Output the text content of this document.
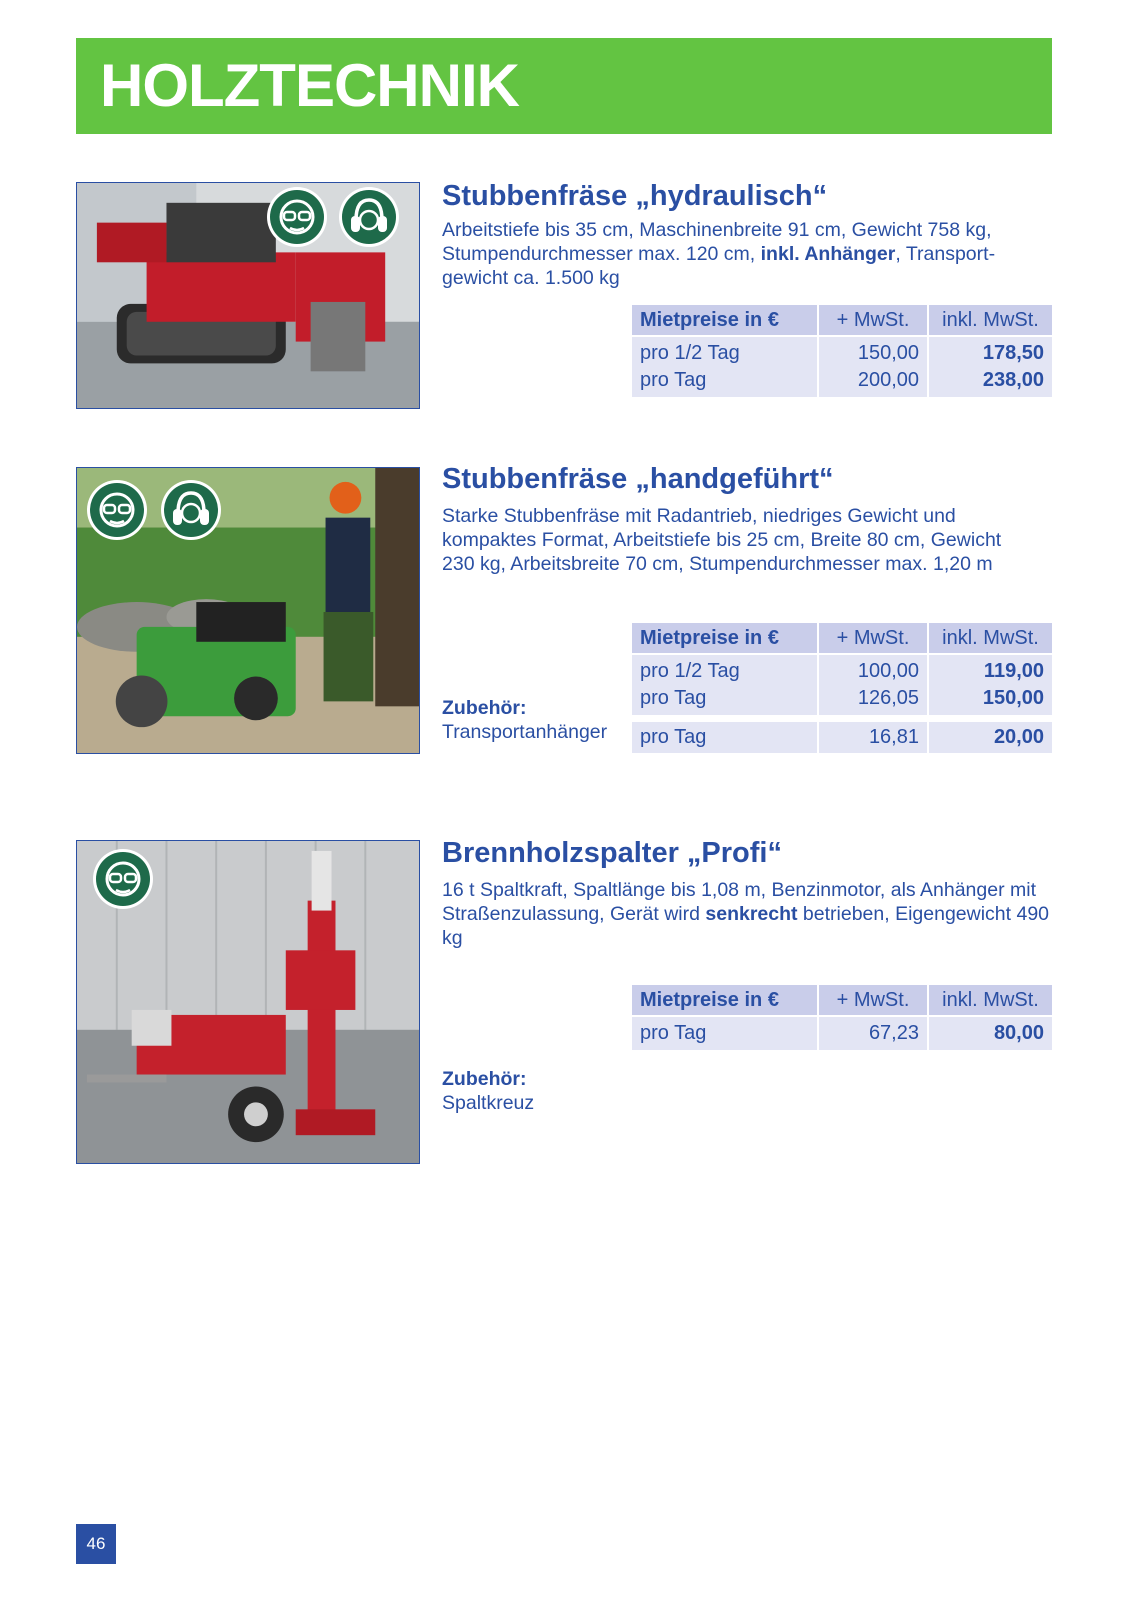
HOLZTECHNIK
Stubbenfräse „hydraulisch“
Arbeitstiefe bis 35 cm, Maschinenbreite 91 cm, Gewicht 758 kg, Stumpendurchmesser max. 120 cm, inkl. Anhänger, Transportgewicht ca. 1.500 kg
Mietpreise in €	+ MwSt.	inkl. MwSt.
pro 1/2 Tag	150,00	178,50
pro Tag	200,00	238,00
Stubbenfräse „handgeführt“
Starke Stubbenfräse mit Radantrieb, niedriges Gewicht und kompaktes Format, Arbeitstiefe bis 25 cm, Breite 80 cm, Gewicht 230 kg, Arbeitsbreite 70 cm, Stumpendurchmesser max. 1,20 m
Mietpreise in €	+ MwSt.	inkl. MwSt.
pro 1/2 Tag	100,00	119,00
pro Tag	126,05	150,00
Zubehör:
Transportanhänger pro Tag	16,81	20,00
Brennholzspalter „Profi“
16 t Spaltkraft, Spaltlänge bis 1,08 m, Benzinmotor, als Anhänger mit Straßenzulassung, Gerät wird senkrecht betrieben, Eigengewicht 490 kg
Mietpreise in €	+ MwSt.	inkl. MwSt.
pro Tag	67,23	80,00
Zubehör:
Spaltkreuz
46
